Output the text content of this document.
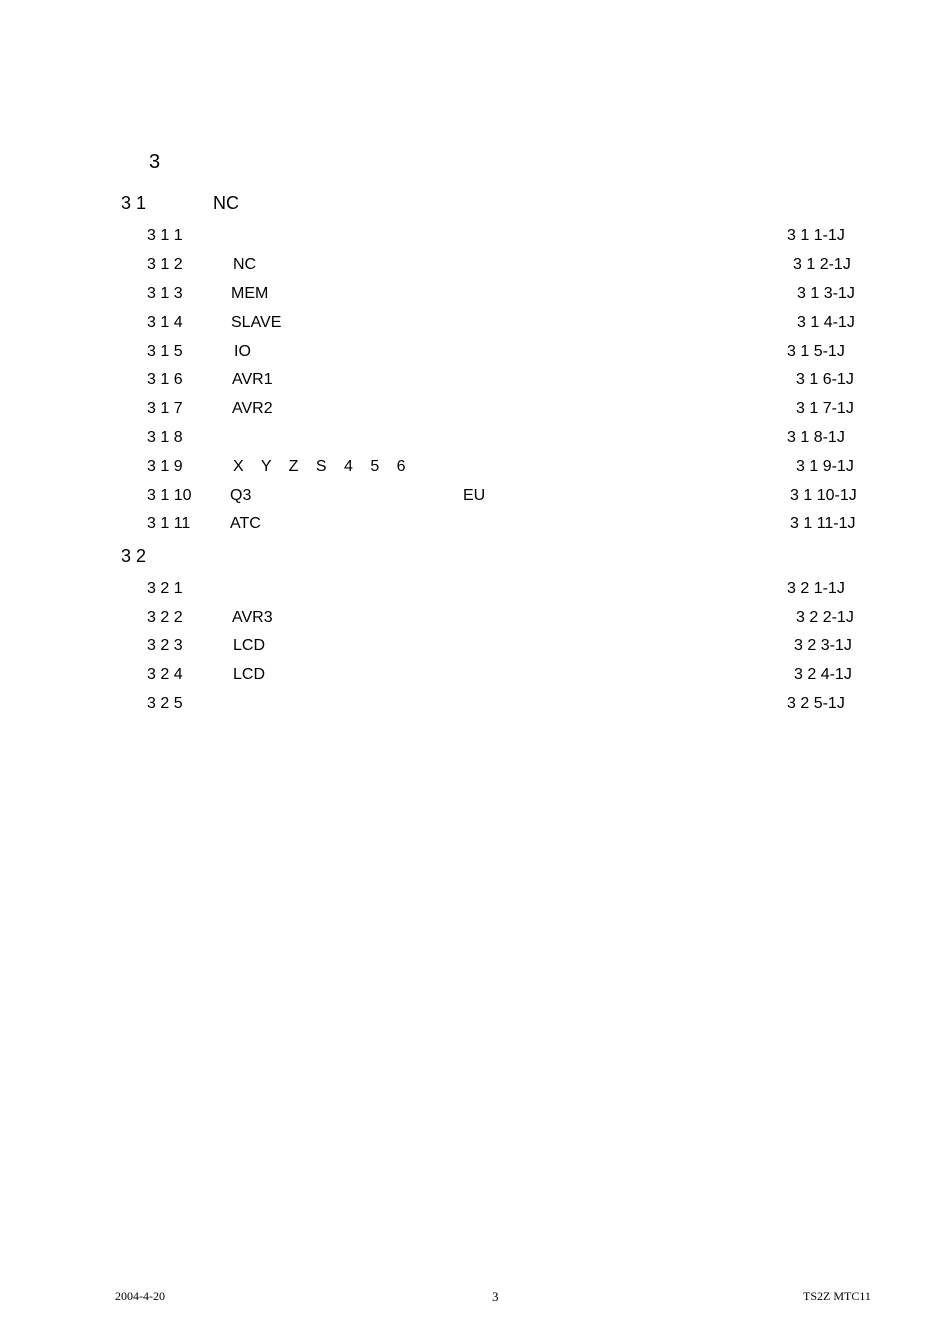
3
3 1	NC
3 1 1	3 1 1-1J
3 1 2	NC	3 1 2-1J
3 1 3	MEM	3 1 3-1J
3 1 4	SLAVE	3 1 4-1J
3 1 5	IO	3 1 5-1J
3 1 6	AVR1	3 1 6-1J
3 1 7	AVR2	3 1 7-1J
3 1 8	3 1 8-1J
3 1 9	X Y Z S 4 5 6	3 1 9-1J
3 1 10 Q3	EU	3 1 10-1J
3 1 11 ATC	3 1 11-1J
3 2
3 2 1	3 2 1-1J
3 2 2	AVR3	3 2 2-1J
3 2 3	LCD	3 2 3-1J
3 2 4	LCD	3 2 4-1J
3 2 5	3 2 5-1J
2004-4-20	3	TS2Z MTC11
